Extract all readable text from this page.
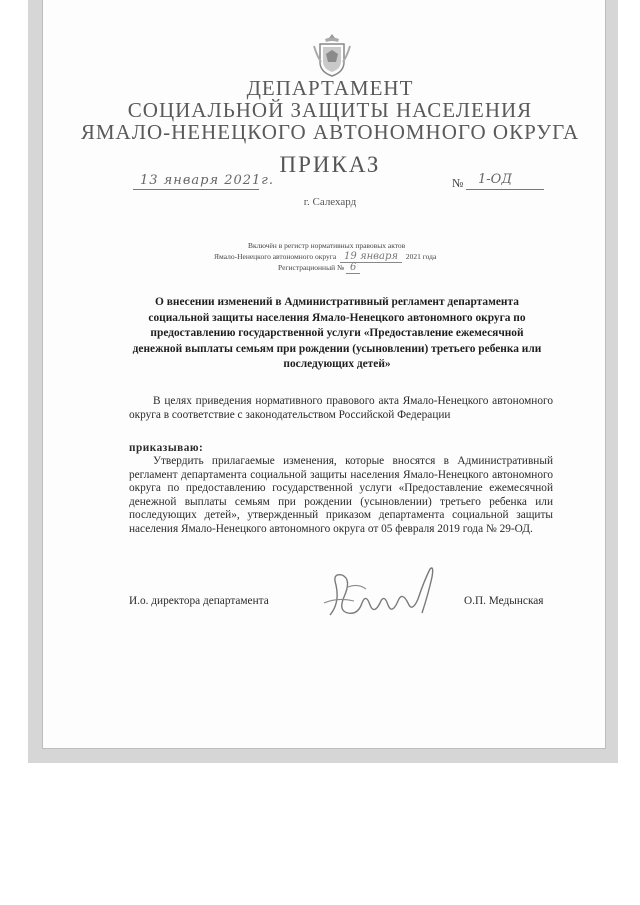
ДЕПАРТАМЕНТ
СОЦИАЛЬНОЙ ЗАЩИТЫ НАСЕЛЕНИЯ
ЯМАЛО-НЕНЕЦКОГО АВТОНОМНОГО ОКРУГА
ПРИКАЗ
13 января 2021г.	№ 1-ОД
г. Салехард
Включён в регистр нормативных правовых актов
Ямало-Ненецкого автономного округа 19 января 2021 года
Регистрационный № 6
О внесении изменений в Административный регламент департамента социальной защиты населения Ямало-Ненецкого автономного округа по предоставлению государственной услуги «Предоставление ежемесячной денежной выплаты семьям при рождении (усыновлении) третьего ребенка или последующих детей»
В целях приведения нормативного правового акта Ямало-Ненецкого автономного округа в соответствие с законодательством Российской Федерации
приказываю:
Утвердить прилагаемые изменения, которые вносятся в Административный регламент департамента социальной защиты населения Ямало-Ненецкого автономного округа по предоставлению государственной услуги «Предоставление ежемесячной денежной выплаты семьям при рождении (усыновлении) третьего ребенка или последующих детей», утвержденный приказом департамента социальной защиты населения Ямало-Ненецкого автономного округа от 05 февраля 2019 года № 29-ОД.
И.о. директора департамента	О.П. Медынская
